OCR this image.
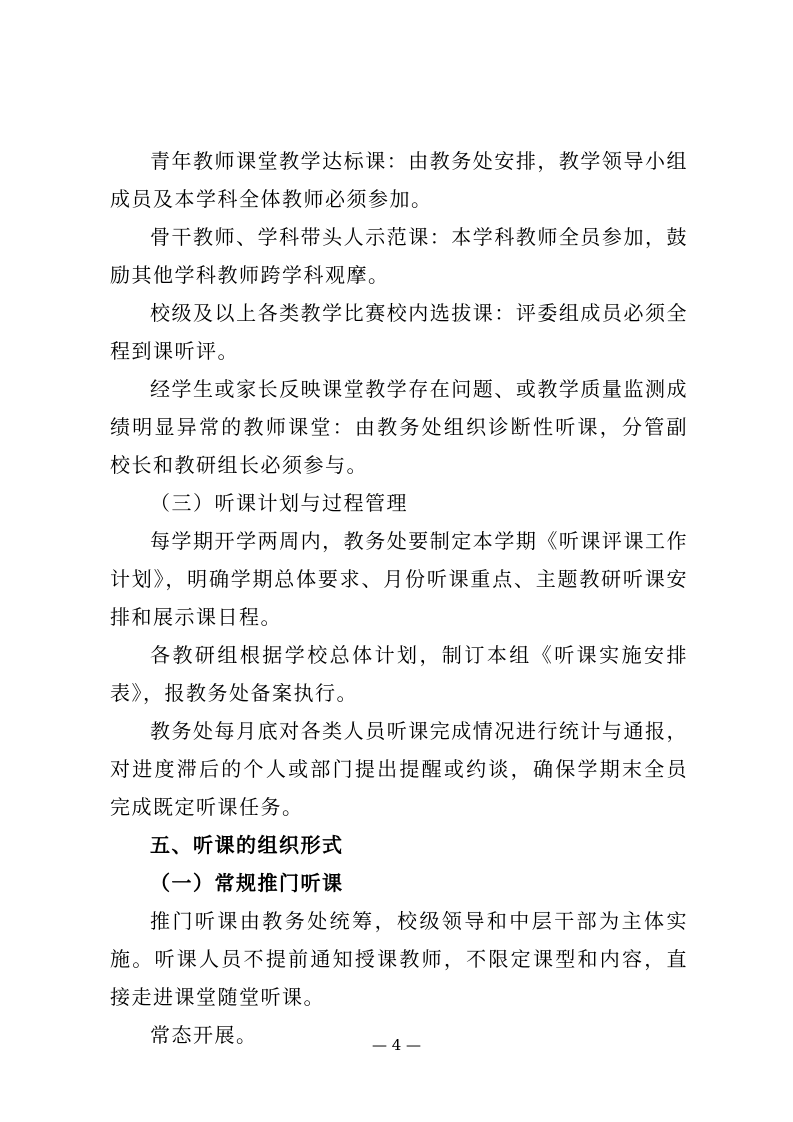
青年教师课堂教学达标课：由教务处安排，教学领导小组成员及本学科全体教师必须参加。

骨干教师、学科带头人示范课：本学科教师全员参加，鼓励其他学科教师跨学科观摩。

校级及以上各类教学比赛校内选拔课：评委组成员必须全程到课听评。

经学生或家长反映课堂教学存在问题、或教学质量监测成绩明显异常的教师课堂：由教务处组织诊断性听课，分管副校长和教研组长必须参与。

（三）听课计划与过程管理

每学期开学两周内，教务处要制定本学期《听课评课工作计划》，明确学期总体要求、月份听课重点、主题教研听课安排和展示课日程。

各教研组根据学校总体计划，制订本组《听课实施安排表》，报教务处备案执行。

教务处每月底对各类人员听课完成情况进行统计与通报，对进度滞后的个人或部门提出提醒或约谈，确保学期末全员完成既定听课任务。

五、听课的组织形式

（一）常规推门听课

推门听课由教务处统筹，校级领导和中层干部为主体实施。听课人员不提前通知授课教师，不限定课型和内容，直接走进课堂随堂听课。

常态开展。	— 4 —
